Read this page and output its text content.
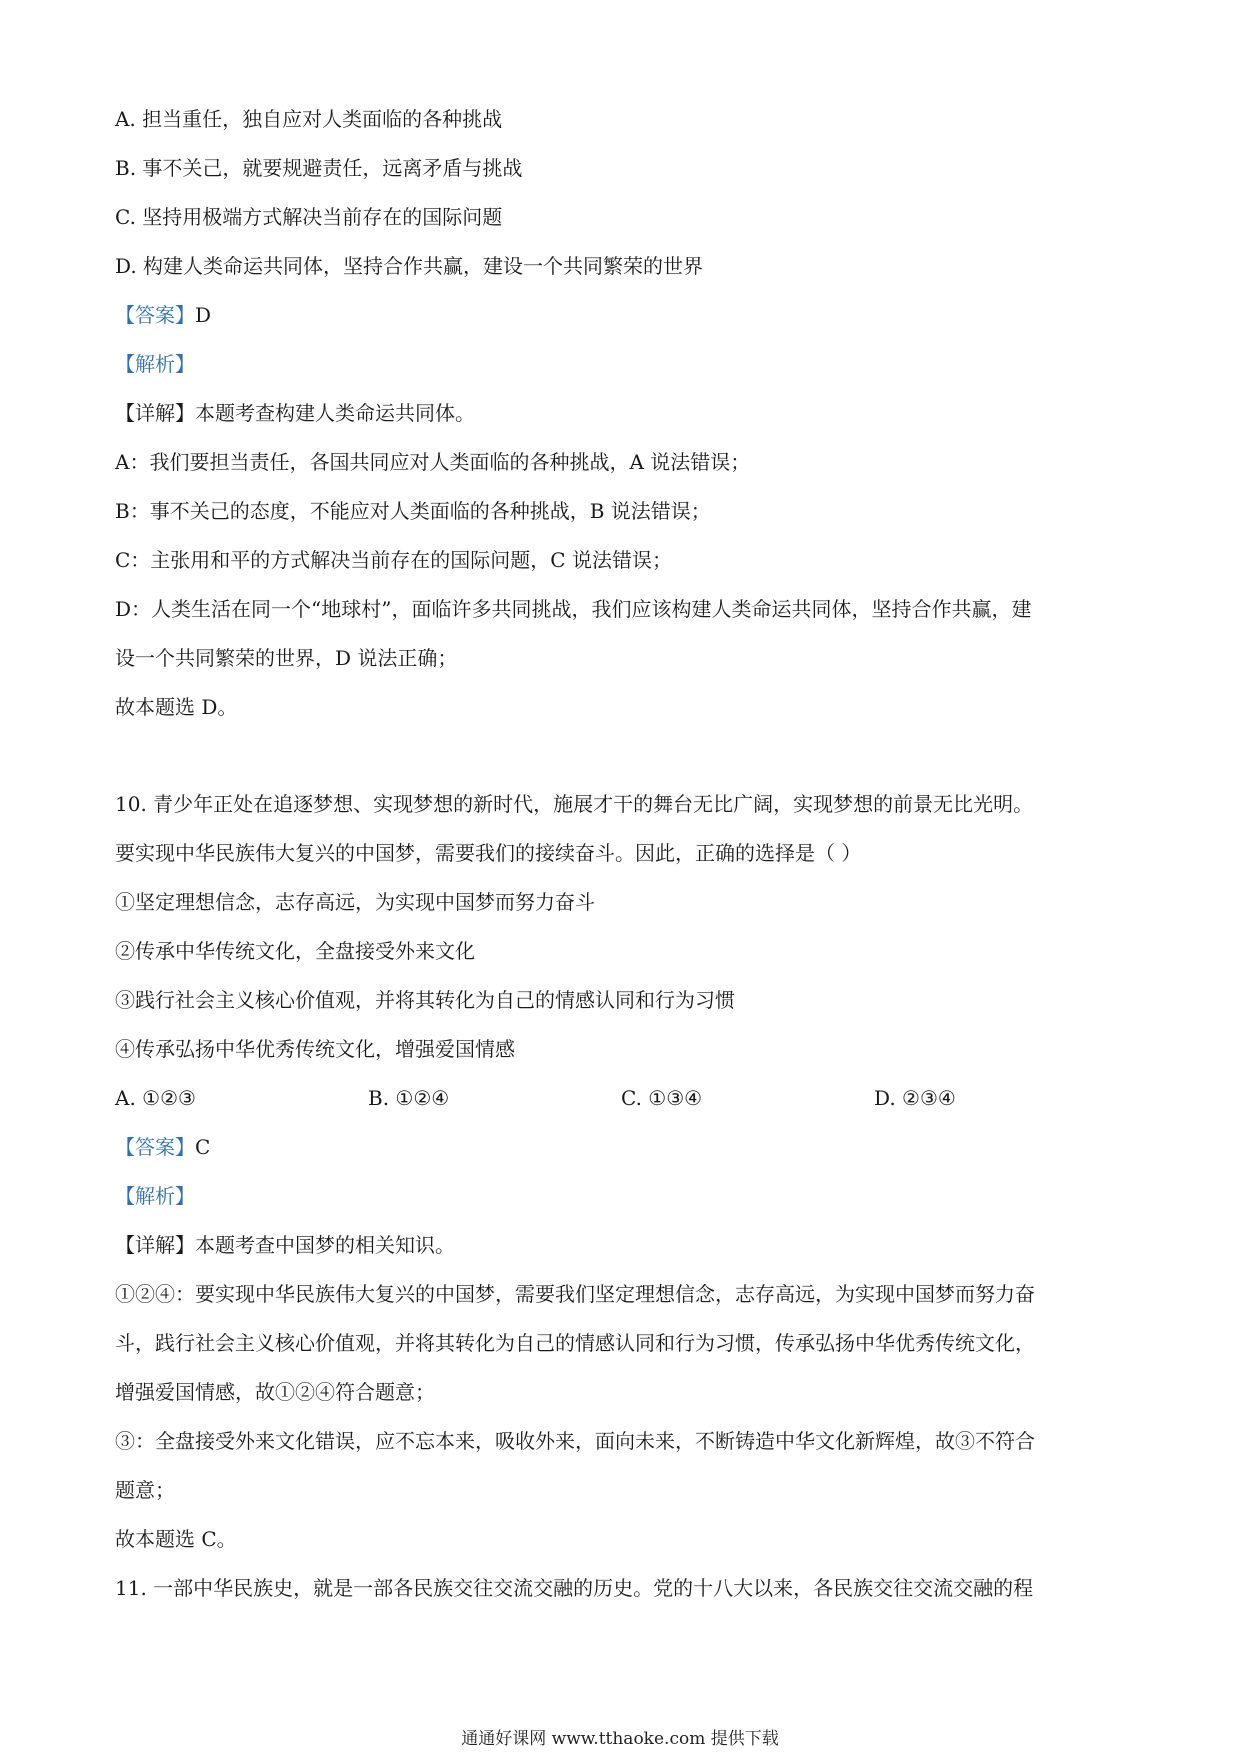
A. 担当重任，独自应对人类面临的各种挑战
B. 事不关己，就要规避责任，远离矛盾与挑战
C. 坚持用极端方式解决当前存在的国际问题
D. 构建人类命运共同体，坚持合作共赢，建设一个共同繁荣的世界
【答案】D
【解析】
【详解】本题考查构建人类命运共同体。
A：我们要担当责任，各国共同应对人类面临的各种挑战，A 说法错误；
B：事不关己的态度，不能应对人类面临的各种挑战，B 说法错误；
C：主张用和平的方式解决当前存在的国际问题，C 说法错误；
D：人类生活在同一个“地球村”，面临许多共同挑战，我们应该构建人类命运共同体，坚持合作共赢，建
设一个共同繁荣的世界，D 说法正确；
故本题选 D。
10. 青少年正处在追逐梦想、实现梦想的新时代，施展才干的舞台无比广阔，实现梦想的前景无比光明。
要实现中华民族伟大复兴的中国梦，需要我们的接续奋斗。因此，正确的选择是（ ）
①坚定理想信念，志存高远，为实现中国梦而努力奋斗
②传承中华传统文化，全盘接受外来文化
③践行社会主义核心价值观，并将其转化为自己的情感认同和行为习惯
④传承弘扬中华优秀传统文化，增强爱国情感
A. ①②③	B. ①②④	C. ①③④	D. ②③④
【答案】C
【解析】
【详解】本题考查中国梦的相关知识。
①②④：要实现中华民族伟大复兴的中国梦，需要我们坚定理想信念，志存高远，为实现中国梦而努力奋
斗，践行社会主义核心价值观，并将其转化为自己的情感认同和行为习惯，传承弘扬中华优秀传统文化，
增强爱国情感，故①②④符合题意；
③：全盘接受外来文化错误，应不忘本来，吸收外来，面向未来，不断铸造中华文化新辉煌，故③不符合
题意；
故本题选 C。
11. 一部中华民族史，就是一部各民族交往交流交融的历史。党的十八大以来，各民族交往交流交融的程
通通好课网 www.tthaoke.com 提供下载
